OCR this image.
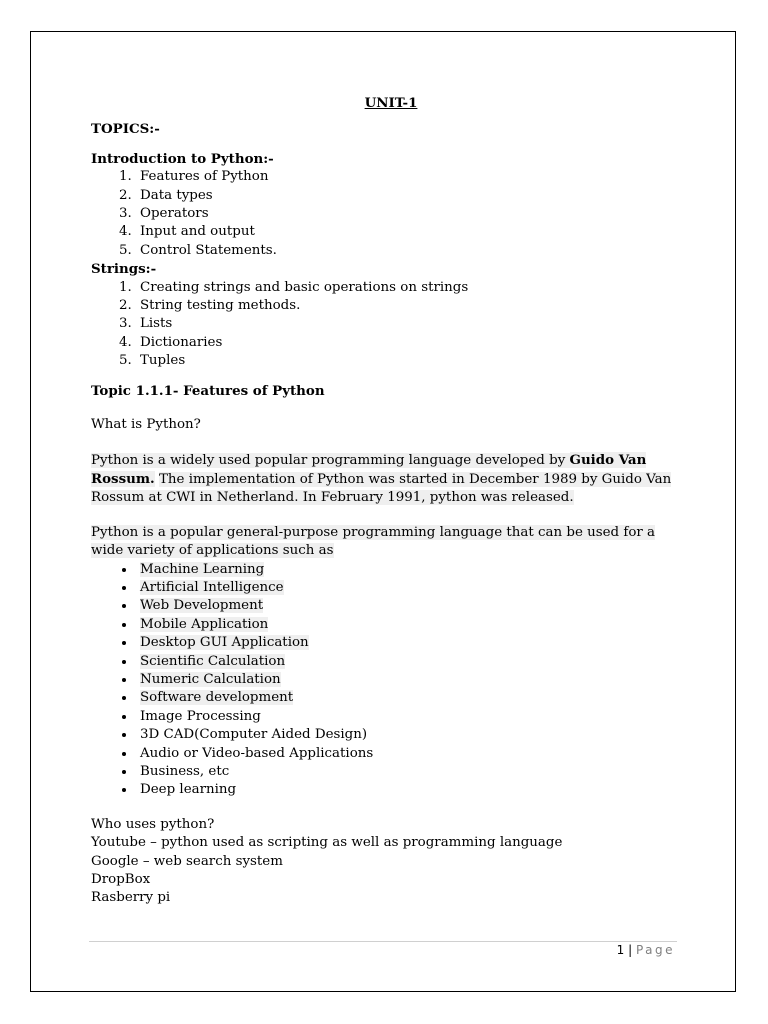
UNIT-1

TOPICS:-

Introduction to Python:-

1. Features of Python
2. Data types
3. Operators
4. Input and output
5. Control Statements.

Strings:-

1. Creating strings and basic operations on strings
2. String testing methods.
3. Lists
4. Dictionaries
5. Tuples

Topic 1.1.1- Features of Python

What is Python?

Python is a widely used popular programming language developed by Guido Van Rossum. The implementation of Python was started in December 1989 by Guido Van Rossum at CWI in Netherland. In February 1991, python was released.

Python is a popular general-purpose programming language that can be used for a wide variety of applications such as

• Machine Learning
• Artificial Intelligence
• Web Development
• Mobile Application
• Desktop GUI Application
• Scientific Calculation
• Numeric Calculation
• Software development
• Image Processing
• 3D CAD(Computer Aided Design)
• Audio or Video-based Applications
• Business, etc
• Deep learning

Who uses python?

Youtube – python used as scripting as well as programming language

Google – web search system

DropBox

Rasberry pi

1 | Page
